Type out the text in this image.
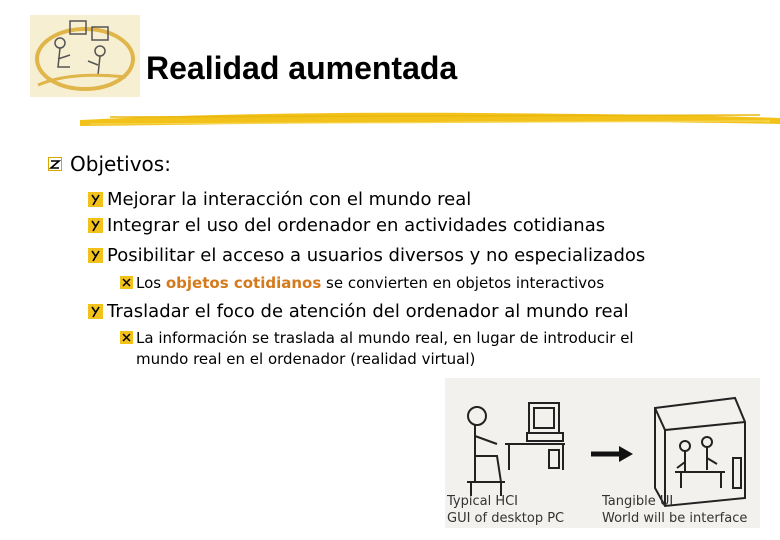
Realidad aumentada
Objetivos:
Mejorar la interacción con el mundo real
Integrar el uso del ordenador en actividades cotidianas
Posibilitar el acceso a usuarios diversos y no especializados
Los objetos cotidianos se convierten en objetos interactivos
Trasladar el foco de atención del ordenador al mundo real
La información se traslada al mundo real, en lugar de introducir el
mundo real en el ordenador (realidad virtual)
Typical HCI
GUI of desktop PC
Tangible UI
World will be interface
